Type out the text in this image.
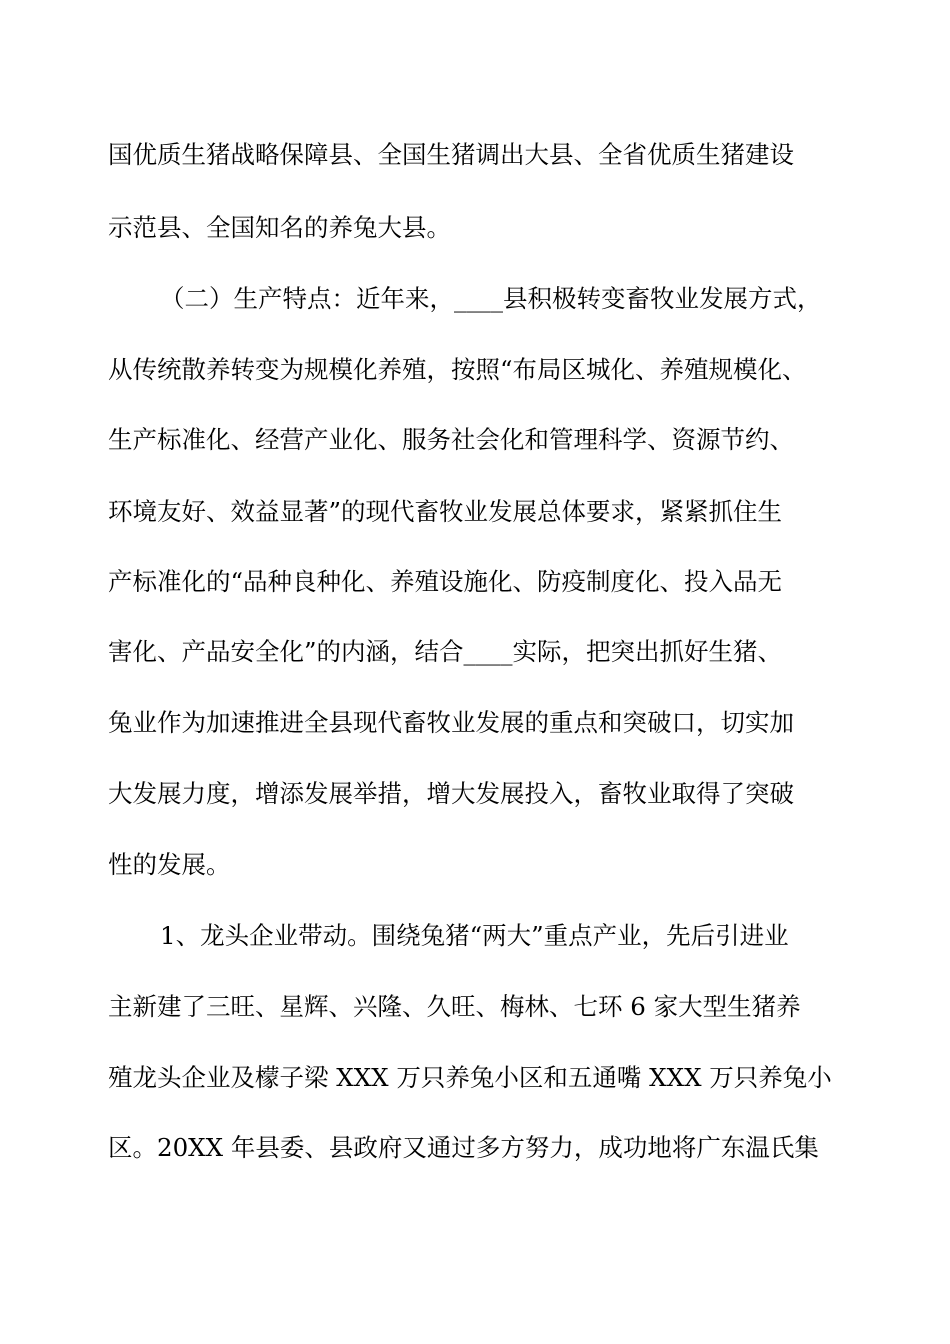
国优质生猪战略保障县、全国生猪调出大县、全省优质生猪建设
示范县、全国知名的养兔大县。
（二）生产特点：近年来，____县积极转变畜牧业发展方式，
从传统散养转变为规模化养殖，按照“布局区城化、养殖规模化、
生产标准化、经营产业化、服务社会化和管理科学、资源节约、
环境友好、效益显著”的现代畜牧业发展总体要求，紧紧抓住生
产标准化的“品种良种化、养殖设施化、防疫制度化、投入品无
害化、产品安全化”的内涵，结合____实际，把突出抓好生猪、
兔业作为加速推进全县现代畜牧业发展的重点和突破口，切实加
大发展力度，增添发展举措，增大发展投入，畜牧业取得了突破
性的发展。
1、龙头企业带动。围绕兔猪“两大”重点产业，先后引进业
主新建了三旺、星辉、兴隆、久旺、梅林、七环 6 家大型生猪养
殖龙头企业及檬子梁 XXX 万只养兔小区和五通嘴 XXX 万只养兔小
区。20XX 年县委、县政府又通过多方努力，成功地将广东温氏集
